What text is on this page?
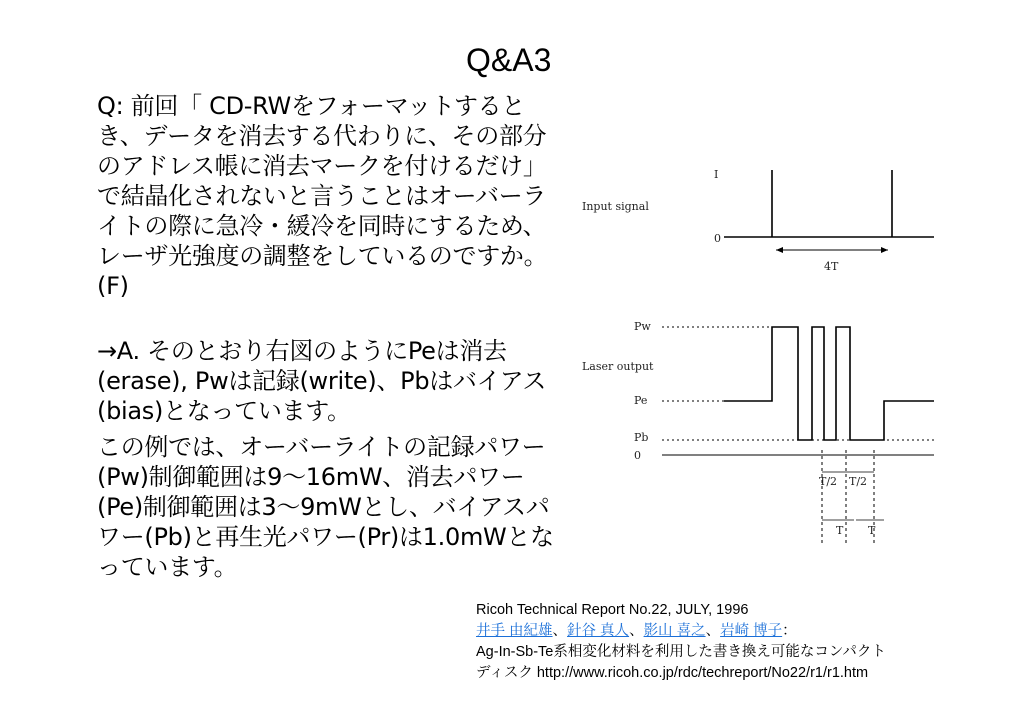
Q&A3

Q: 前回「 CD-RWをフォーマットするとき、データを消去する代わりに、その部分のアドレス帳に消去マークを付けるだけ」で結晶化されないと言うことはオーバーライトの際に急冷・緩冷を同時にするため、レーザ光強度の調整をしているのですか。(F)

→A. そのとおり右図のようにPeは消去(erase), Pwは記録(write)、Pbはバイアス(bias)となっています。

この例では、オーバーライトの記録パワー(Pw)制御範囲は9～16mW、消去パワー(Pe)制御範囲は3～9mWとし、バイアスパワー(Pb)と再生光パワー(Pr)は1.0mWとなっています。

Input signal
I
0
4T
Pw
Laser output
Pe
Pb
0
T/2 T/2
T T
Ricoh Technical Report No.22, JULY, 1996
井手 由紀雄、針谷 真人、影山 喜之、岩崎 博子：
Ag-In-Sb-Te系相変化材料を利用した書き換え可能なコンパクト
ディスク http://www.ricoh.co.jp/rdc/techreport/No22/r1/r1.htm
